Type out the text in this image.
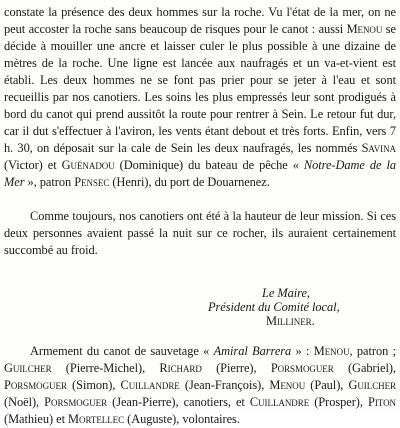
constate la présence des deux hommes sur la roche. Vu l'état de la mer, on ne peut accoster la roche sans beaucoup de risques pour le canot : aussi Menou se décide à mouiller une ancre et laisser culer le plus possible à une dizaine de mètres de la roche. Une ligne est lancée aux naufragés et un va-et-vient est établi. Les deux hommes ne se font pas prier pour se jeter à l'eau et sont recueillis par nos canotiers. Les soins les plus empressés leur sont prodigués à bord du canot qui prend aussitôt la route pour rentrer à Sein. Le retour fut dur, car il dut s'effectuer à l'aviron, les vents étant debout et très forts. Enfin, vers 7 h. 30, on déposait sur la cale de Sein les deux naufragés, les nommés Savina (Victor) et Guénadou (Dominique) du bateau de pêche « Notre-Dame de la Mer », patron Pensec (Henri), du port de Douarnenez.

Comme toujours, nos canotiers ont été à la hauteur de leur mission. Si ces deux personnes avaient passé la nuit sur ce rocher, ils auraient certainement succombé au froid.

Le Maire,

Président du Comité local,

Milliner.

Armement du canot de sauvetage « Amiral Barrera » : Menou, patron ; Guilcher (Pierre-Michel), Richard (Pierre), Porsmoguer (Gabriel), Porsmoguer (Simon), Cuillandre (Jean-François), Menou (Paul), Guilcher (Noël), Porsmoguer (Jean-Pierre), canotiers, et Cuillandre (Prosper), Piton (Mathieu) et Mortellec (Auguste), volontaires.
